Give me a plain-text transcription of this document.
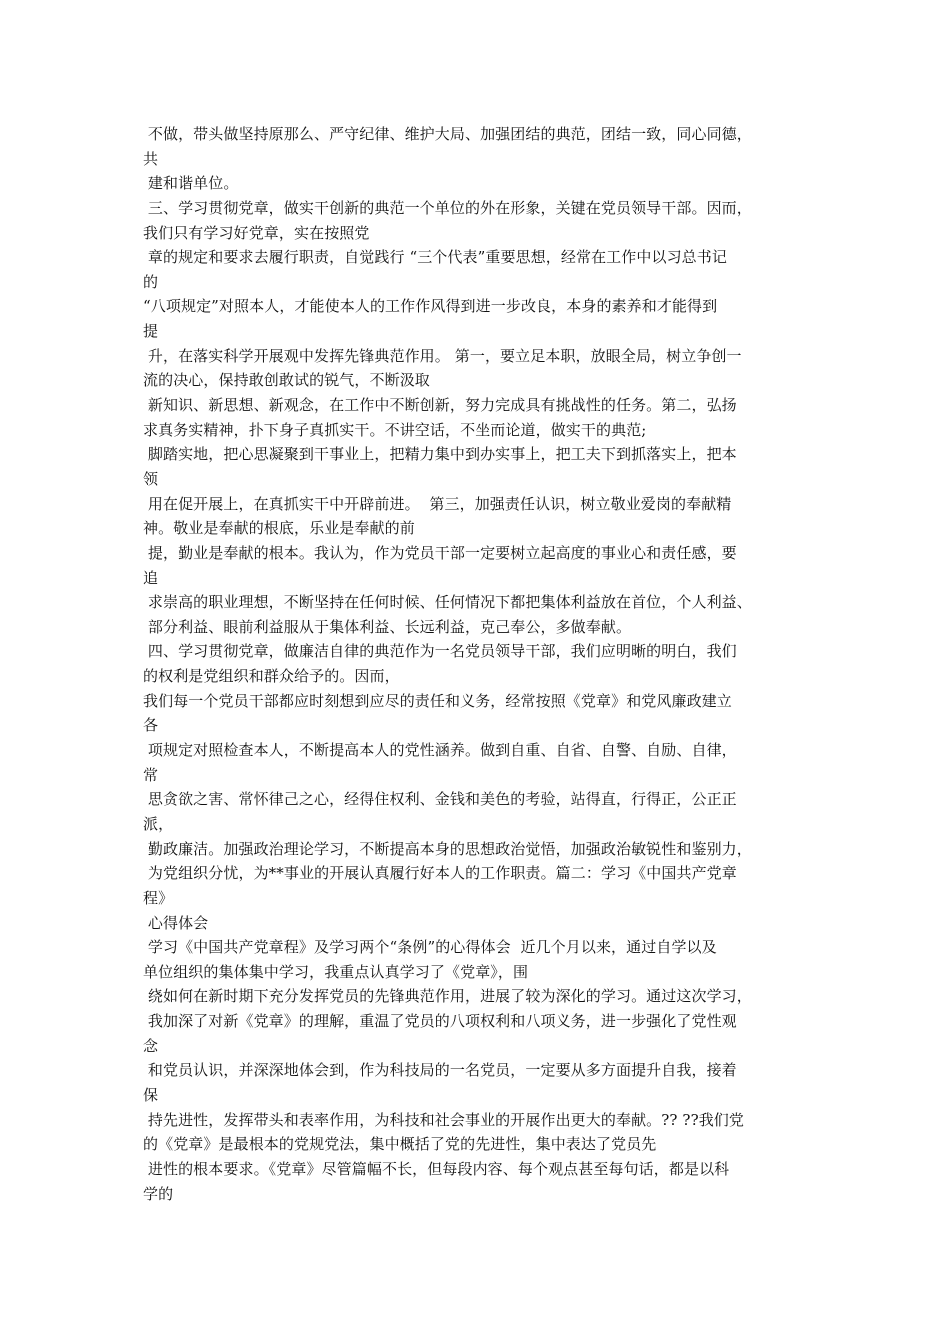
不做，带头做坚持原那么、严守纪律、维护大局、加强团结的典范，团结一致，同心同德，
共
建和谐单位。
三、学习贯彻党章，做实干创新的典范一个单位的外在形象，关键在党员领导干部。因而，
我们只有学习好党章，实在按照党
章的规定和要求去履行职责，自觉践行 “三个代表”重要思想，经常在工作中以习总书记
的
“八项规定”对照本人，才能使本人的工作作风得到进一步改良，本身的素养和才能得到
提
升，在落实科学开展观中发挥先锋典范作用。 第一，要立足本职，放眼全局，树立争创一
流的决心，保持敢创敢试的锐气，不断汲取
新知识、新思想、新观念，在工作中不断创新，努力完成具有挑战性的任务。第二，弘扬
求真务实精神，扑下身子真抓实干。不讲空话，不坐而论道，做实干的典范;
脚踏实地，把心思凝聚到干事业上，把精力集中到办实事上，把工夫下到抓落实上，把本
领
用在促开展上，在真抓实干中开辟前进。  第三，加强责任认识，树立敬业爱岗的奉献精
神。敬业是奉献的根底，乐业是奉献的前
提，勤业是奉献的根本。我认为，作为党员干部一定要树立起高度的事业心和责任感，要
追
求崇高的职业理想，不断坚持在任何时候、任何情况下都把集体利益放在首位，个人利益、
部分利益、眼前利益服从于集体利益、长远利益，克己奉公，多做奉献。
四、学习贯彻党章，做廉洁自律的典范作为一名党员领导干部，我们应明晰的明白，我们
的权利是党组织和群众给予的。因而，
我们每一个党员干部都应时刻想到应尽的责任和义务，经常按照《党章》和党风廉政建立
各
项规定对照检查本人，不断提高本人的党性涵养。做到自重、自省、自警、自励、自律，
常
思贪欲之害、常怀律己之心，经得住权利、金钱和美色的考验，站得直，行得正，公正正
派，
勤政廉洁。加强政治理论学习，不断提高本身的思想政治觉悟，加强政治敏锐性和鉴别力，
为党组织分忧，为**事业的开展认真履行好本人的工作职责。篇二：学习《中国共产党章
程》
心得体会
学习《中国共产党章程》及学习两个“条例”的心得体会  近几个月以来，通过自学以及
单位组织的集体集中学习，我重点认真学习了《党章》，围
绕如何在新时期下充分发挥党员的先锋典范作用，进展了较为深化的学习。通过这次学习，
我加深了对新《党章》的理解，重温了党员的八项权利和八项义务，进一步强化了党性观
念
和党员认识，并深深地体会到，作为科技局的一名党员，一定要从多方面提升自我，接着
保
持先进性，发挥带头和表率作用，为科技和社会事业的开展作出更大的奉献。?? ??我们党
的《党章》是最根本的党规党法，集中概括了党的先进性，集中表达了党员先
进性的根本要求。《党章》尽管篇幅不长，但每段内容、每个观点甚至每句话，都是以科
学的
